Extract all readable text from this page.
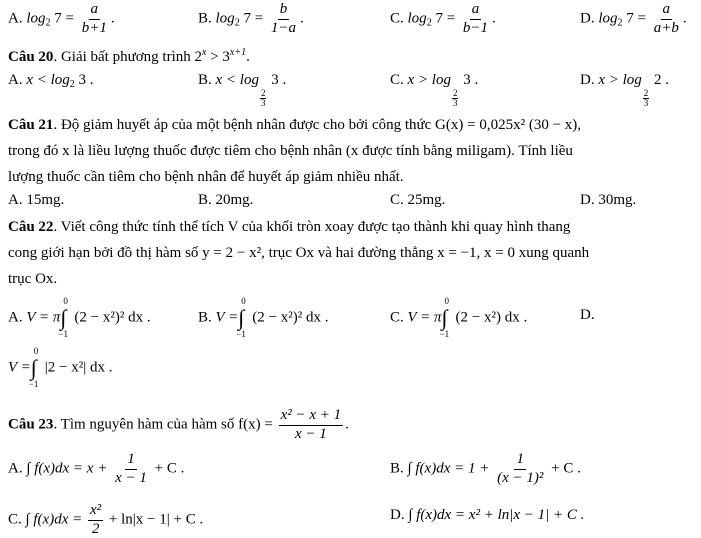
A. $\log_2 7 = \frac{a}{b+1}$ .	B. $\log_2 7 = \frac{b}{1-a}$ .	C. $\log_2 7 = \frac{a}{b-1}$ .	D. $\log_2 7 = \frac{a}{a+b}$ .
Câu 20. Giải bất phương trình $2^x > 3^{x+1}$.
A. $x < \log_2 3$ .	B. x < log
$\frac{2}{3}$
3 .	C. x > log
$\frac{2}{3}$
3 .	D. x > log
$\frac{2}{3}$
2 .

Câu 21. Độ giảm huyết áp của một bệnh nhân được cho bởi công thức G(x) = 0,025x² (30 − x),
trong đó x là liều lượng thuốc được tiêm cho bệnh nhân (x được tính bằng miligam). Tính liều
lượng thuốc cần tiêm cho bệnh nhân để huyết áp giảm nhiều nhất.

A. 15mg.	B. 20mg.	C. 25mg.	D. 30mg.

Câu 22. Viết công thức tính thể tích V của khối tròn xoay được tạo thành khi quay hình thang
cong giới hạn bởi đồ thị hàm số y = 2 − x², trục Ox và hai đường thẳng x = −1, x = 0 xung quanh
trục Ox.

A. V = π∫
0
−1
(2 − x²)² dx .	B. V =∫
0
−1
(2 − x²)² dx .	C. V = π∫
0
−1
(2 − x²) dx .	D.
V =∫
0
−1
|2 − x²| dx .
Câu 23. Tìm nguyên hàm của hàm số $f(x) = \frac{\text{x² − x + 1}}{x - 1}$ .
A. ∫ $f(x)dx = x + \frac{1}{x - 1} + C$ .	B. ∫ $f(x)dx = 1 + \frac{1}{\text{(x − 1)²}} + C$ .
C. ∫ $f(x)dx = \frac{\text{x²}}{2} + \ln|x - 1| + C$ .	D. ∫ f(x)dx = x² + ln|x − 1| + C .
